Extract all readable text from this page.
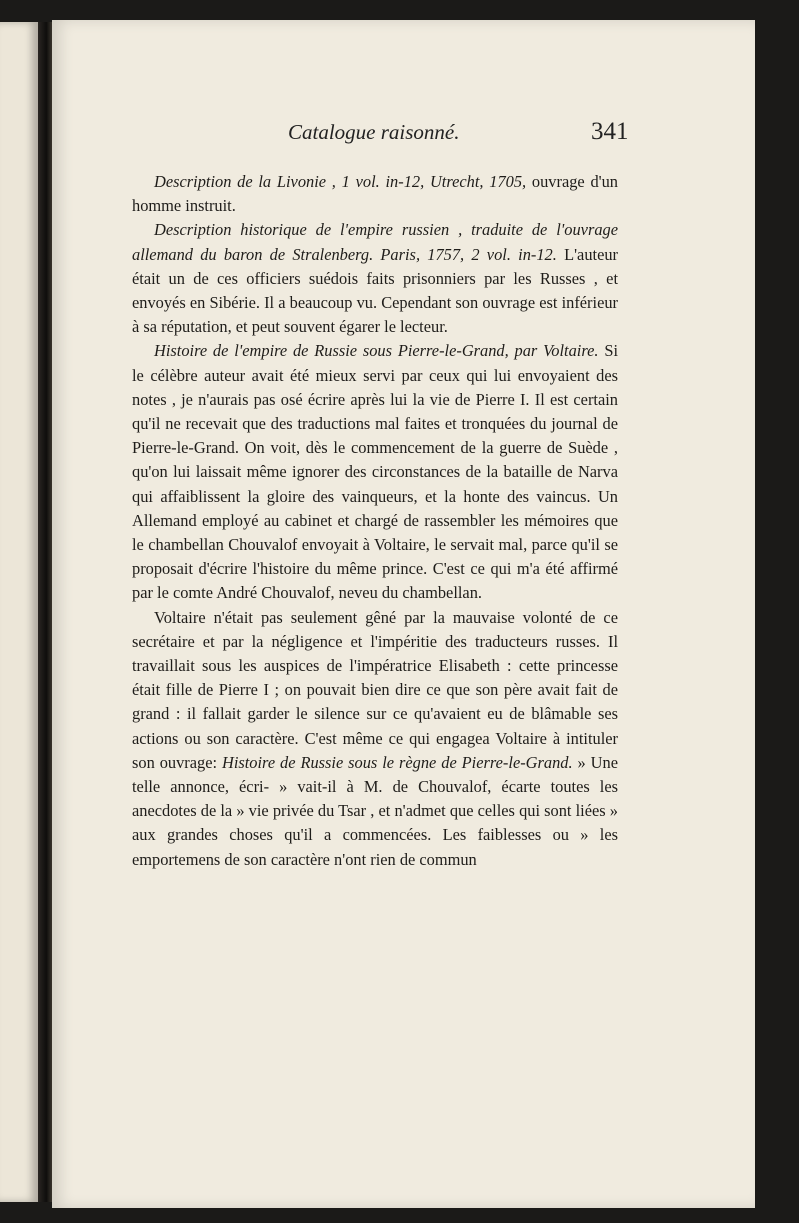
Catalogue raisonné.	341

Description de la Livonie , 1 vol. in-12, Utrecht, 1705, ouvrage d'un homme instruit.

Description historique de l'empire russien , traduite de l'ouvrage allemand du baron de Stralenberg. Paris, 1757, 2 vol. in-12. L'auteur était un de ces officiers suédois faits prisonniers par les Russes , et envoyés en Sibérie. Il a beaucoup vu. Cependant son ouvrage est inférieur à sa réputation, et peut souvent égarer le lecteur.

Histoire de l'empire de Russie sous Pierre-le-Grand, par Voltaire. Si le célèbre auteur avait été mieux servi par ceux qui lui envoyaient des notes , je n'aurais pas osé écrire après lui la vie de Pierre I. Il est certain qu'il ne recevait que des traductions mal faites et tronquées du journal de Pierre-le-Grand. On voit, dès le commencement de la guerre de Suède , qu'on lui laissait même ignorer des circonstances de la bataille de Narva qui affaiblissent la gloire des vainqueurs, et la honte des vaincus. Un Allemand employé au cabinet et chargé de rassembler les mémoires que le chambellan Chouvalof envoyait à Voltaire, le servait mal, parce qu'il se proposait d'écrire l'histoire du même prince. C'est ce qui m'a été affirmé par le comte André Chouvalof, neveu du chambellan.

Voltaire n'était pas seulement gêné par la mauvaise volonté de ce secrétaire et par la négligence et l'impéritie des traducteurs russes. Il travaillait sous les auspices de l'impératrice Elisabeth : cette princesse était fille de Pierre I ; on pouvait bien dire ce que son père avait fait de grand : il fallait garder le silence sur ce qu'avaient eu de blâmable ses actions ou son caractère. C'est même ce qui engagea Voltaire à intituler son ouvrage: Histoire de Russie sous le règne de Pierre-le-Grand. » Une telle annonce, écri- » vait-il à M. de Chouvalof, écarte toutes les anecdotes de la » vie privée du Tsar , et n'admet que celles qui sont liées » aux grandes choses qu'il a commencées. Les faiblesses ou » les emportemens de son caractère n'ont rien de commun
